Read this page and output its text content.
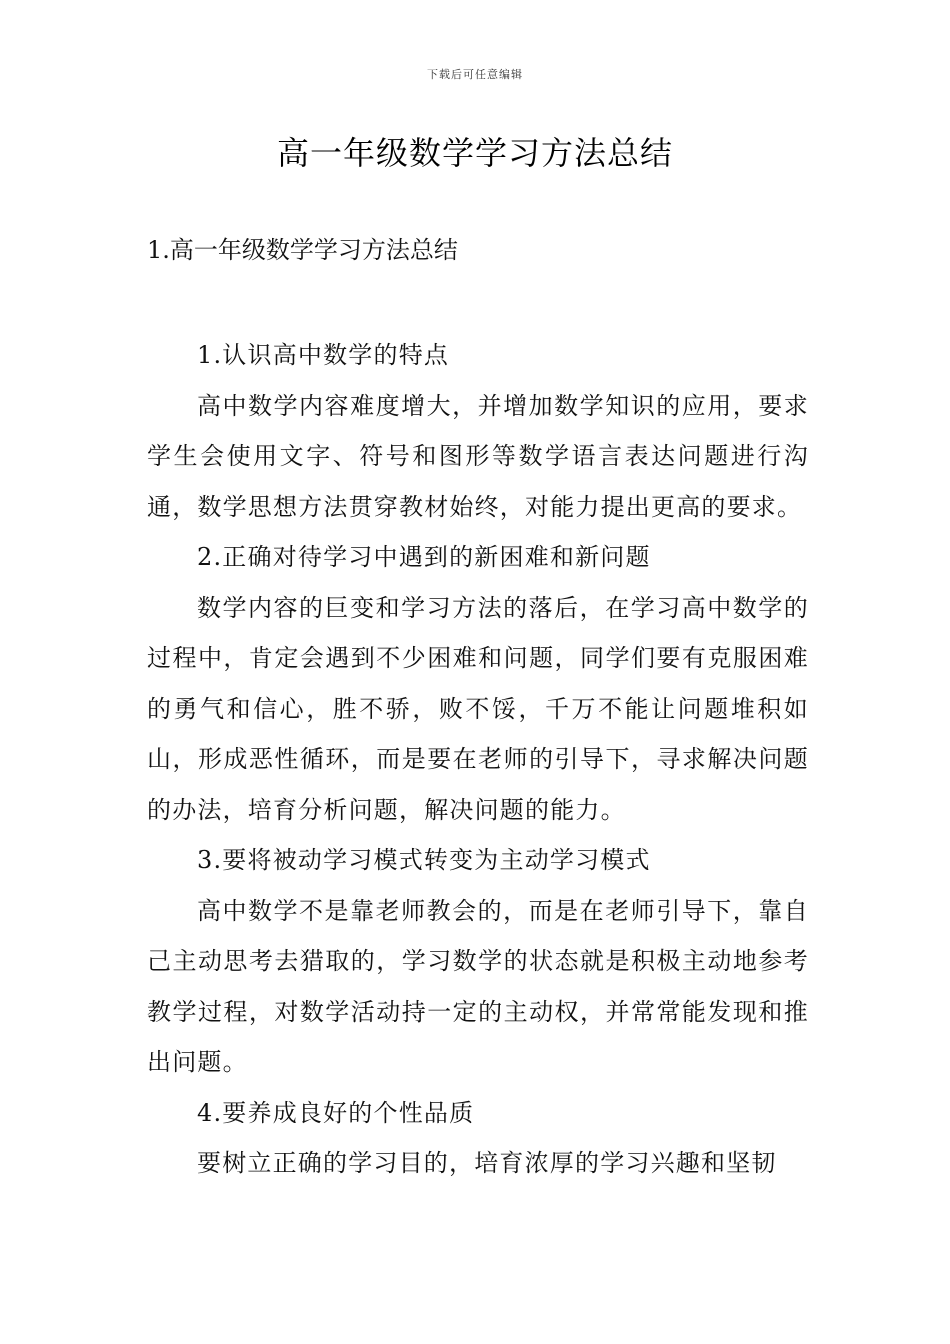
下载后可任意编辑
高一年级数学学习方法总结
1.高一年级数学学习方法总结

1.认识高中数学的特点

高中数学内容难度增大，并增加数学知识的应用，要求学生会使用文字、符号和图形等数学语言表达问题进行沟通，数学思想方法贯穿教材始终，对能力提出更高的要求。

2.正确对待学习中遇到的新困难和新问题

数学内容的巨变和学习方法的落后，在学习高中数学的过程中，肯定会遇到不少困难和问题，同学们要有克服困难的勇气和信心，胜不骄，败不馁，千万不能让问题堆积如山，形成恶性循环，而是要在老师的引导下，寻求解决问题的办法，培育分析问题，解决问题的能力。

3.要将被动学习模式转变为主动学习模式

高中数学不是靠老师教会的，而是在老师引导下，靠自己主动思考去猎取的，学习数学的状态就是积极主动地参考教学过程，对数学活动持一定的主动权，并常常能发现和推出问题。

4.要养成良好的个性品质

要树立正确的学习目的，培育浓厚的学习兴趣和坚韧
